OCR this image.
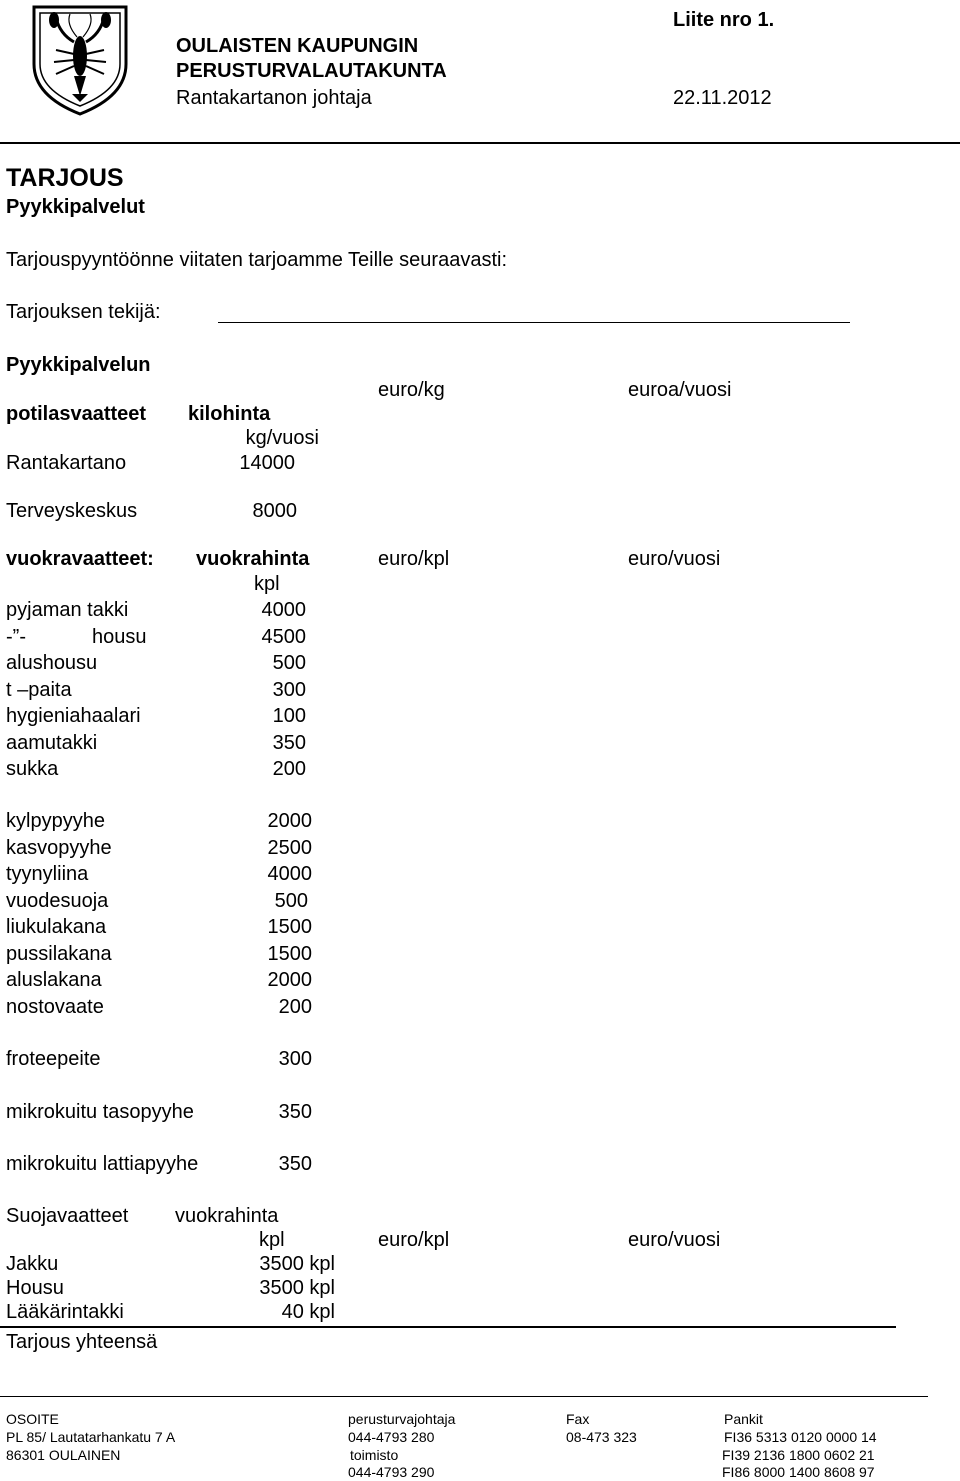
OULAISTEN KAUPUNGIN
PERUSTURVALAUTAKUNTA
Rantakartanon johtaja
Liite nro 1.
22.11.2012
TARJOUS
Pyykkipalvelut
Tarjouspyyntöönne viitaten tarjoamme Teille seuraavasti:
Tarjouksen tekijä:
Pyykkipalvelun
potilasvaatteet kilohinta
kg/vuosi
euro/kg	euroa/vuosi
Rantakartano	14000
Terveyskeskus	8000
vuokravaatteet: vuokrahinta
kpl
euro/kpl	euro/vuosi
pyjaman takki	4000
-”-	housu	4500
alushousu	500
t –paita	300
hygieniahaalari	100
aamutakki	350
sukka	200
kylpypyyhe	2000
kasvopyyhe	2500
tyynyliina	4000
vuodesuoja	500
liukulakana	1500
pussilakana	1500
aluslakana	2000
nostovaate	200
froteepeite	300
mikrokuitu tasopyyhe	350
mikrokuitu lattiapyyhe	350
Suojavaatteet vuokrahinta
kpl	euro/kpl	euro/vuosi
Jakku	3500 kpl
Housu	3500 kpl
Lääkärintakki	40 kpl
Tarjous yhteensä
OSOITE
PL 85/ Lautatarhankatu 7 A
86301 OULAINEN
perusturvajohtaja
044-4793 280
toimisto
044-4793 290
Fax
08-473 323
Pankit
FI36 5313 0120 0000 14
FI39 2136 1800 0602 21
FI86 8000 1400 8608 97
